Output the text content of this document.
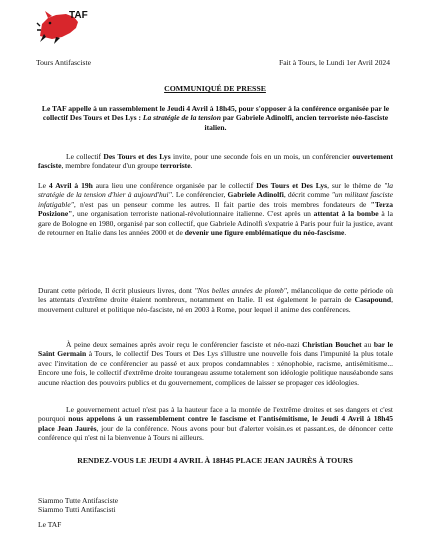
TAF
Tours Antifasciste	Fait à Tours, le Lundi 1er Avril 2024
COMMUNIQUÉ DE PRESSE
Le TAF appelle à un rassemblement le Jeudi 4 Avril à 18h45, pour s'opposer à la conférence organisée par le collectif Des Tours et Des Lys : La stratégie de la tension par Gabriele Adinolfi, ancien terroriste néo-fasciste italien.
Le collectif Des Tours et des Lys invite, pour une seconde fois en un mois, un conférencier ouvertement fasciste, membre fondateur d'un groupe terroriste.
Le 4 Avril à 19h aura lieu une conférence organisée par le collectif Des Tours et Des Lys, sur le thème de "la stratégie de la tension d'hier à aujourd'hui". Le conférencier, Gabriele Adinolfi, décrit comme "un militant fasciste infatigable", n'est pas un penseur comme les autres. Il fait partie des trois membres fondateurs de "Terza Posizione", une organisation terroriste national-révolutionnaire italienne. C'est après un attentat à la bombe à la gare de Bologne en 1980, organisé par son collectif, que Gabriele Adinolfi s'expatrie à Paris pour fuir la justice, avant de retourner en Italie dans les années 2000 et de devenir une figure emblématique du néo-fascisme.
Durant cette période, Il écrit plusieurs livres, dont "Nos belles années de plomb", mélancolique de cette période où les attentats d'extrême droite étaient nombreux, notamment en Italie. Il est également le parrain de Casapound, mouvement culturel et politique néo-fasciste, né en 2003 à Rome, pour lequel il anime des conférences.
À peine deux semaines après avoir reçu le conférencier fasciste et néo-nazi Christian Bouchet au bar le Saint Germain à Tours, le collectif Des Tours et Des Lys s'illustre une nouvelle fois dans l'impunité la plus totale avec l'invitation de ce conférencier au passé et aux propos condamnables : xénophobie, racisme, antisémitisme... Encore une fois, le collectif d'extrême droite tourangeau assume totalement son idéologie politique nauséabonde sans aucune réaction des pouvoirs publics et du gouvernement, complices de laisser se propager ces idéologies.
Le gouvernement actuel n'est pas à la hauteur face a la montée de l'extrême droites et ses dangers et c'est pourquoi nous appelons à un rassemblement contre le fascisme et l'antisémitisme, le Jeudi 4 Avril à 18h45 place Jean Jaurès, jour de la conférence. Nous avons pour but d'alerter voisin.es et passant.es, de dénoncer cette conférence qui n'est ni la bienvenue à Tours ni ailleurs.
RENDEZ-VOUS LE JEUDI 4 AVRIL À 18H45 PLACE JEAN JAURÈS À TOURS
Siammo Tutte Antifasciste
Siammo Tutti Antifascisti
Le TAF
